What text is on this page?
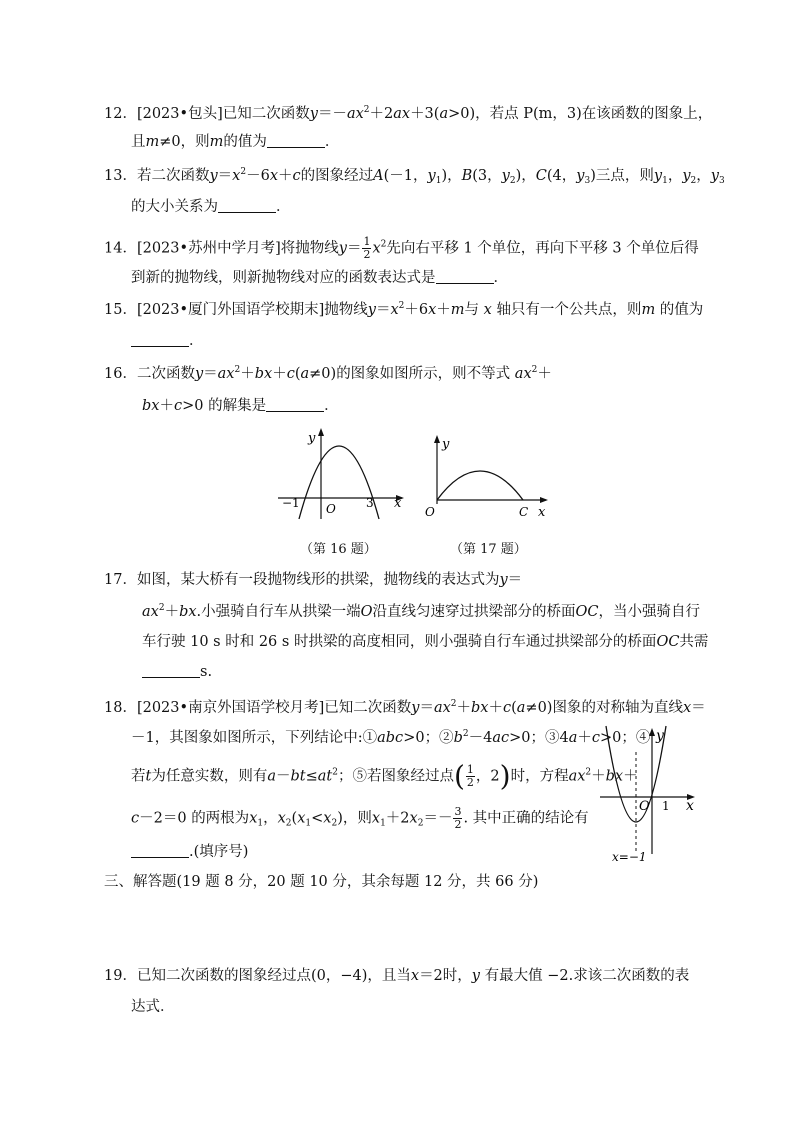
12．[2023•包头]已知二次函数$y=-ax^2+2ax+3(a>0)$，若点 P(m，3)在该函数的图象上，
且m≠0，则m的值为	．
13．若二次函数$y=x^2-6x+c$的图象经过A(－1，$y_1$)，B(3，$y_2$)，C(4，$y_3$)三点，则$y_1$，$y_2$，$y_3$
的大小关系为	．
14．[2023•苏州中学月考]将抛物线$y= \frac{1}{2} x^2$先向右平移 1 个单位，再向下平移 3 个单位后得
到新的抛物线，则新抛物线对应的函数表达式是	．
15．[2023•厦门外国语学校期末]抛物线$y=x^2+6x+m$与 x 轴只有一个公共点，则m 的值为
．
16．二次函数$y=ax^2+bx+c(a\ne 0)$的图象如图所示，则不等式 $ax^2+$
bx＋c>0 的解集是	．
y
x
O
−1	3
（第 16 题）
y
x
O	C
（第 17 题）
17．如图，某大桥有一段抛物线形的拱梁，抛物线的表达式为y＝
$ax^2+bx$.小强骑自行车从拱梁一端O沿直线匀速穿过拱梁部分的桥面OC，当小强骑自行
车行驶 10 s 时和 26 s 时拱梁的高度相同，则小强骑自行车通过拱梁部分的桥面OC共需
s.
18．[2023•南京外国语学校月考]已知二次函数$y=ax^2+bx+c(a\ne 0)$图象的对称轴为直线x＝
－1，其图象如图所示，下列结论中:①abc>0；$②b^2-4ac>0$；③4a＋c>0；④
若t为任意实数，则有$a-bt\le at^2$；⑤若图象经过点( $\frac{1}{2}$ ，2)时，方程$ax^2+bx+$
c－2＝0 的两根为$x_1$，$x_2(x_1<x_2)$，则$x_1+2x_2=- \frac{3}{2}$ . 其中正确的结论有
.(填序号)
y
x
O 1
x=−1
三、解答题(19 题 8 分，20 题 10 分，其余每题 12 分，共 66 分)
19．已知二次函数的图象经过点(0，−4)，且当x＝2时，y 有最大值 −2.求该二次函数的表
达式．
